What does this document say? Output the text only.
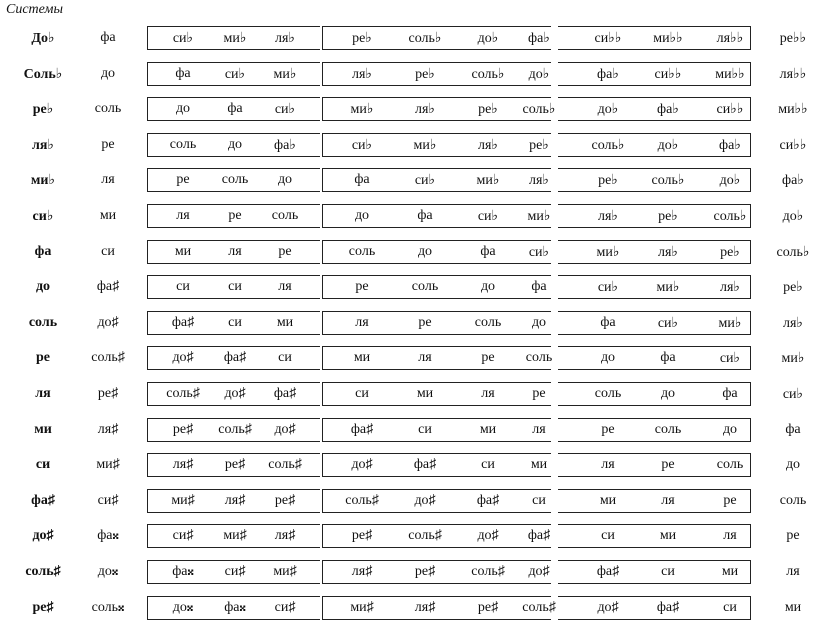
Системы
До♭	фа	си♭	ми♭	ля♭	ре♭	соль♭	до♭	фа♭	си♭♭	ми♭♭	ля♭♭	ре♭♭
Соль♭	до	фа	си♭	ми♭	ля♭	ре♭	соль♭	до♭	фа♭	си♭♭	ми♭♭	ля♭♭
ре♭	соль	до	фа	си♭	ми♭	ля♭	ре♭	соль♭	до♭	фа♭	си♭♭	ми♭♭
ля♭	ре	соль	до	фа♭	си♭	ми♭	ля♭	ре♭	соль♭	до♭	фа♭	си♭♭
ми♭	ля	ре	соль	до	фа	си♭	ми♭	ля♭	ре♭	соль♭	до♭	фа♭
си♭	ми	ля	ре	соль	до	фа	си♭	ми♭	ля♭	ре♭	соль♭	до♭
фа	си	ми	ля	ре	соль	до	фа	си♭	ми♭	ля♭	ре♭	соль♭
до	фа♯	си	си	ля	ре	соль	до	фа	си♭	ми♭	ля♭	ре♭
соль	до♯	фа♯	си	ми	ля	ре	соль	до	фа	си♭	ми♭	ля♭
ре	соль♯	до♯	фа♯	си	ми	ля	ре	соль	до	фа	си♭	ми♭
ля	ре♯	соль♯	до♯	фа♯	си	ми	ля	ре	соль	до	фа	си♭
ми	ля♯	ре♯	соль♯	до♯	фа♯	си	ми	ля	ре	соль	до	фа
си	ми♯	ля♯	ре♯	соль♯	до♯	фа♯	си	ми	ля	ре	соль	до
фа♯	си♯	ми♯	ля♯	ре♯	соль♯	до♯	фа♯	си	ми	ля	ре	соль
до♯	фа𝄪	си♯	ми♯	ля♯	ре♯	соль♯	до♯	фа♯	си	ми	ля	ре
соль♯	до𝄪	фа𝄪	си♯	ми♯	ля♯	ре♯	соль♯	до♯	фа♯	си	ми	ля
ре♯	соль𝄪	до𝄪	фа𝄪	си♯	ми♯	ля♯	ре♯	соль♯	до♯	фа♯	си	ми
